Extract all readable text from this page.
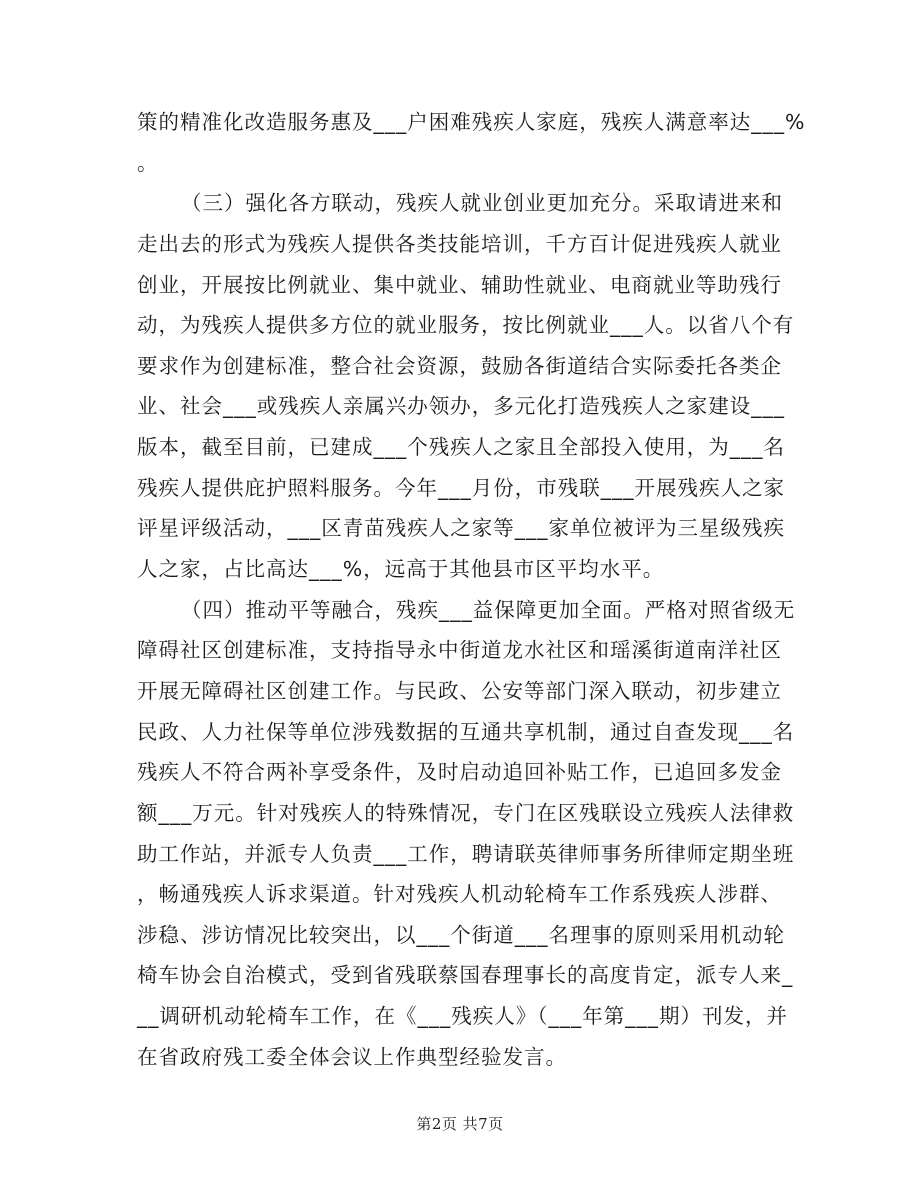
策的精准化改造服务惠及___户困难残疾人家庭，残疾人满意率达___%
。
（三）强化各方联动，残疾人就业创业更加充分。采取请进来和
走出去的形式为残疾人提供各类技能培训，千方百计促进残疾人就业
创业，开展按比例就业、集中就业、辅助性就业、电商就业等助残行
动，为残疾人提供多方位的就业服务，按比例就业___人。以省八个有
要求作为创建标准，整合社会资源，鼓励各街道结合实际委托各类企
业、社会___或残疾人亲属兴办领办，多元化打造残疾人之家建设___
版本，截至目前，已建成___个残疾人之家且全部投入使用，为___名
残疾人提供庇护照料服务。今年___月份，市残联___开展残疾人之家
评星评级活动，___区青苗残疾人之家等___家单位被评为三星级残疾
人之家，占比高达___%，远高于其他县市区平均水平。
（四）推动平等融合，残疾___益保障更加全面。严格对照省级无
障碍社区创建标准，支持指导永中街道龙水社区和瑶溪街道南洋社区
开展无障碍社区创建工作。与民政、公安等部门深入联动，初步建立
民政、人力社保等单位涉残数据的互通共享机制，通过自查发现___名
残疾人不符合两补享受条件，及时启动追回补贴工作，已追回多发金
额___万元。针对残疾人的特殊情况，专门在区残联设立残疾人法律救
助工作站，并派专人负责___工作，聘请联英律师事务所律师定期坐班
，畅通残疾人诉求渠道。针对残疾人机动轮椅车工作系残疾人涉群、
涉稳、涉访情况比较突出，以___个街道___名理事的原则采用机动轮
椅车协会自治模式，受到省残联蔡国春理事长的高度肯定，派专人来_
__调研机动轮椅车工作，在《___残疾人》（___年第___期）刊发，并
在省政府残工委全体会议上作典型经验发言。
第2页 共7页
